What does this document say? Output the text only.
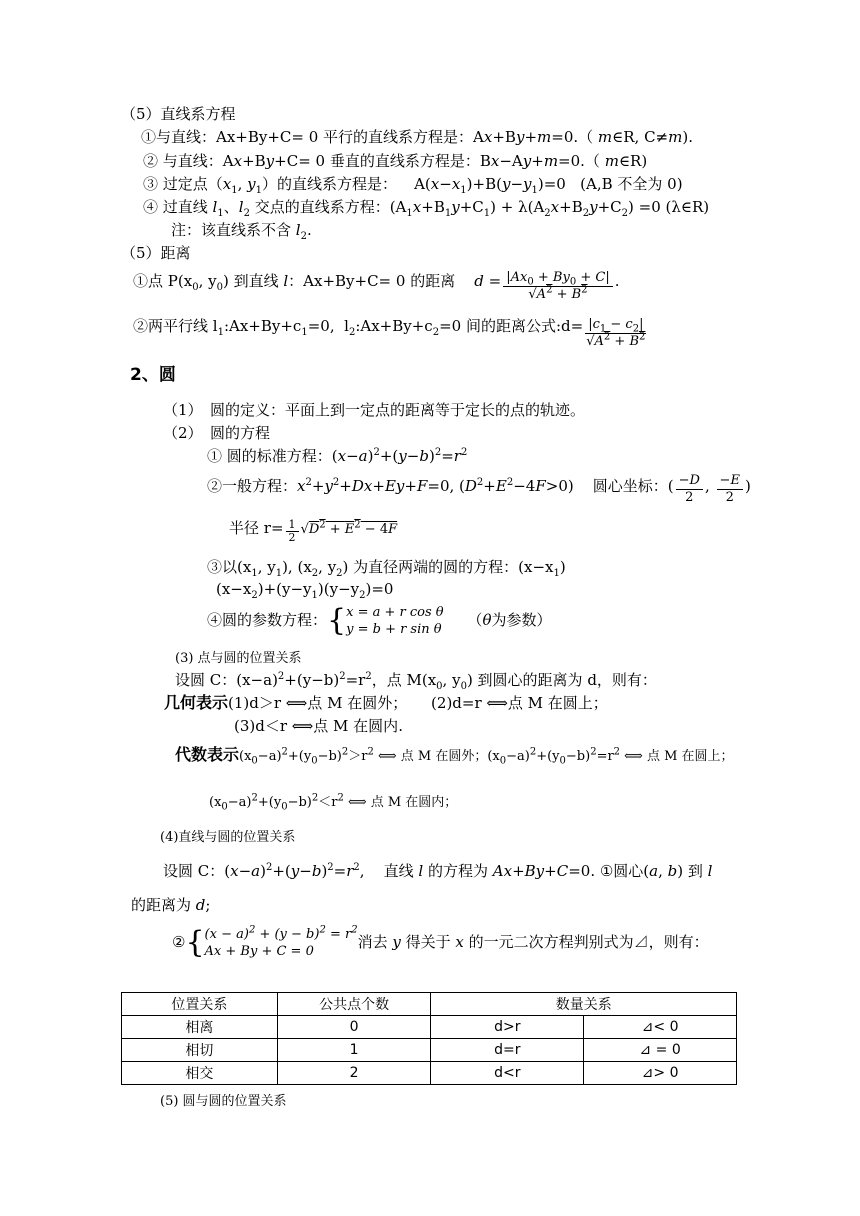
（5）直线系方程
①与直线：Ax+By+C= 0 平行的直线系方程是：Ax+By+m=0.（ m∈R, C≠m).
② 与直线：Ax+By+C= 0 垂直的直线系方程是：Bx−Ay+m=0.（ m∈R)
③ 过定点（$x_1$, $y_1$）的直线系方程是：　  $A(x-x_1)+B(y-y_1)=0$   (A,B 不全为 0)
④ 过直线 $l_1$、$l_2$ 交点的直线系方程：$(A_1x+B_1y+C_1) + \lambda(A_2x+B_2y+C_2) =0$ (λ∈R)
注：该直线系不含 $l_2$.
（5）距离
①点 $P(x_0$, $y_0$) 到直线 l：Ax+By+C= 0 的距离    $d = \frac{|Ax_0 + By_0 + C|}{√A^2 + B^2}$ .
②两平行线 $l_1:Ax+By+c_1=0$,  $l_2:Ax+By+c_2=0$ 间的距离公式:d= $\frac{|c_1 - c_2|}{√A^2 + B^2}$
2、圆
（1）　圆的定义：平面上到一定点的距离等于定长的点的轨迹。
（2）　圆的方程
① 圆的标准方程：$(x-a)^2+(y-b)^2=r^2$
②一般方程：$x^2+y^2+Dx+Ey+F=0$, $(D^2+E^2-4F>0)$    圆心坐标：( $\frac{-D}{2}$ , $\frac{-E}{2}$ )
半径 $r= \frac{1}{2} √D^2 + E^2 - 4F$
③以($x_1$, $y_1$), ($x_2$, $y_2$) 为直径两端的圆的方程：$(x-x_1)$
$(x-x_2)+(y-y_1)(y-y_2)=0$
④圆的参数方程：{ x = a + r cos θ
y = b + r sin θ
（θ为参数）
(3) 点与圆的位置关系
设圆 C：$(x-a)^2+(y-b)^2=r^2$，点 $M(x_0$, $y_0$) 到圆心的距离为 d，则有：
几何表示(1)d＞r ⟺点 M 在圆外；     (2)d=r ⟺点 M 在圆上；
(3)d＜r ⟺点 M 在圆内.
代数表示$(x_0-a)^2+(y_0-b)^2>r^2$ ⟺ 点 M 在圆外；$(x_0-a)^2+(y_0-b)^2=r^2$ ⟺ 点 M 在圆上；
$(x_0-a)^2+(y_0-b)^2<r^2$ ⟺ 点 M 在圆内；
(4)直线与圆的位置关系
设圆 C：$(x-a)^2+(y-b)^2=r^2$,    直线 l 的方程为 Ax+By+C=0. ①圆心(a, b) 到 l
的距离为 d;
②{ $(x - a)^2 + (y - b)^2 = r^2$
Ax + By + C = 0
消去 y 得关于 x 的一元二次方程判别式为⊿，则有：
位置关系	公共点个数	数量关系	
相离	0	d>r	⊿< 0
相切	1	d=r	⊿ = 0
相交	2	d<r	⊿> 0
(5) 圆与圆的位置关系
